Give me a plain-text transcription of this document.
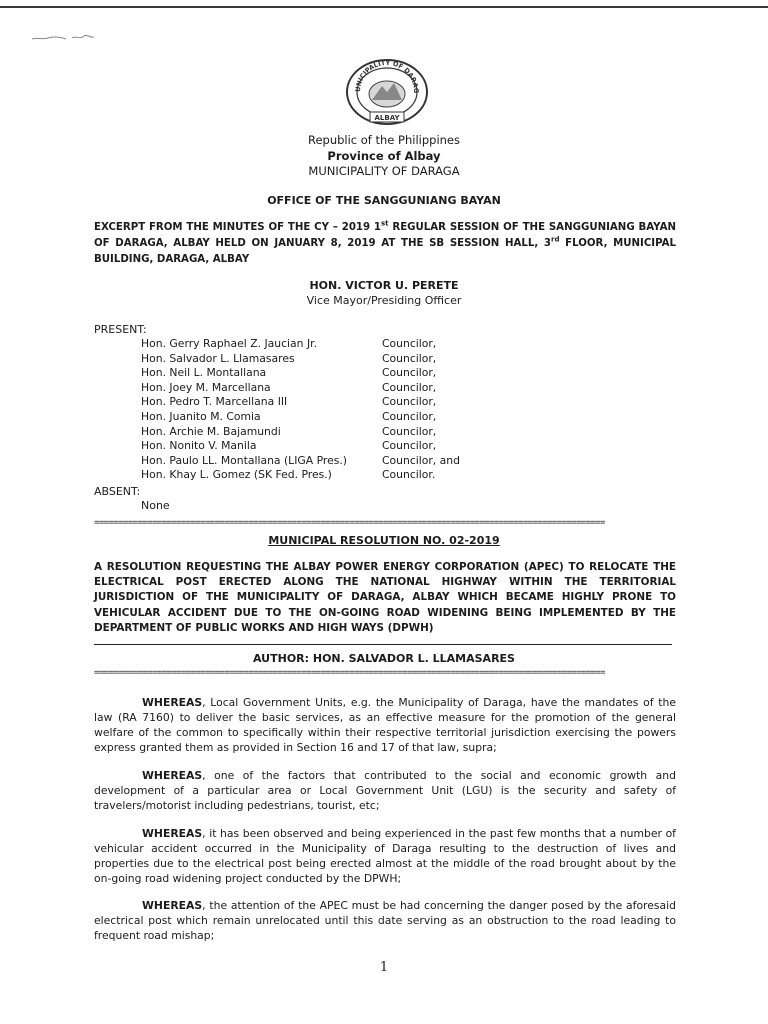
UNICIPALITY OF DARAG
ALBAY
Republic of the Philippines
Province of Albay
MUNICIPALITY OF DARAGA
OFFICE OF THE SANGGUNIANG BAYAN
EXCERPT FROM THE MINUTES OF THE CY – 2019 1st REGULAR SESSION OF THE SANGGUNIANG BAYAN OF DARAGA, ALBAY HELD ON JANUARY 8, 2019 AT THE SB SESSION HALL, 3rd FLOOR, MUNICIPAL BUILDING, DARAGA, ALBAY
HON. VICTOR U. PERETE
Vice Mayor/Presiding Officer
PRESENT:
Hon. Gerry Raphael Z. Jaucian Jr.	Councilor,
Hon. Salvador L. Llamasares	Councilor,
Hon. Neil L. Montallana	Councilor,
Hon. Joey M. Marcellana	Councilor,
Hon. Pedro T. Marcellana III	Councilor,
Hon. Juanito M. Comia	Councilor,
Hon. Archie M. Bajamundi	Councilor,
Hon. Nonito V. Manila	Councilor,
Hon. Paulo LL. Montallana (LIGA Pres.)	Councilor, and
Hon. Khay L. Gomez (SK Fed. Pres.)	Councilor.
ABSENT:
None
==========================================================================================================
MUNICIPAL RESOLUTION NO. 02-2019
A RESOLUTION REQUESTING THE ALBAY POWER ENERGY CORPORATION (APEC) TO RELOCATE THE ELECTRICAL POST ERECTED ALONG THE NATIONAL HIGHWAY WITHIN THE TERRITORIAL JURISDICTION OF THE MUNICIPALITY OF DARAGA, ALBAY WHICH BECAME HIGHLY PRONE TO VEHICULAR ACCIDENT DUE TO THE ON-GOING ROAD WIDENING BEING IMPLEMENTED BY THE DEPARTMENT OF PUBLIC WORKS AND HIGH WAYS (DPWH)
AUTHOR: HON. SALVADOR L. LLAMASARES
==========================================================================================================
WHEREAS, Local Government Units, e.g. the Municipality of Daraga, have the mandates of the law (RA 7160) to deliver the basic services, as an effective measure for the promotion of the general welfare of the common to specifically within their respective territorial jurisdiction exercising the powers express granted them as provided in Section 16 and 17 of that law, supra;
WHEREAS, one of the factors that contributed to the social and economic growth and development of a particular area or Local Government Unit (LGU) is the security and safety of travelers/motorist including pedestrians, tourist, etc;
WHEREAS, it has been observed and being experienced in the past few months that a number of vehicular accident occurred in the Municipality of Daraga resulting to the destruction of lives and properties due to the electrical post being erected almost at the middle of the road brought about by the on-going road widening project conducted by the DPWH;
WHEREAS, the attention of the APEC must be had concerning the danger posed by the aforesaid electrical post which remain unrelocated until this date serving as an obstruction to the road leading to frequent road mishap;
1
